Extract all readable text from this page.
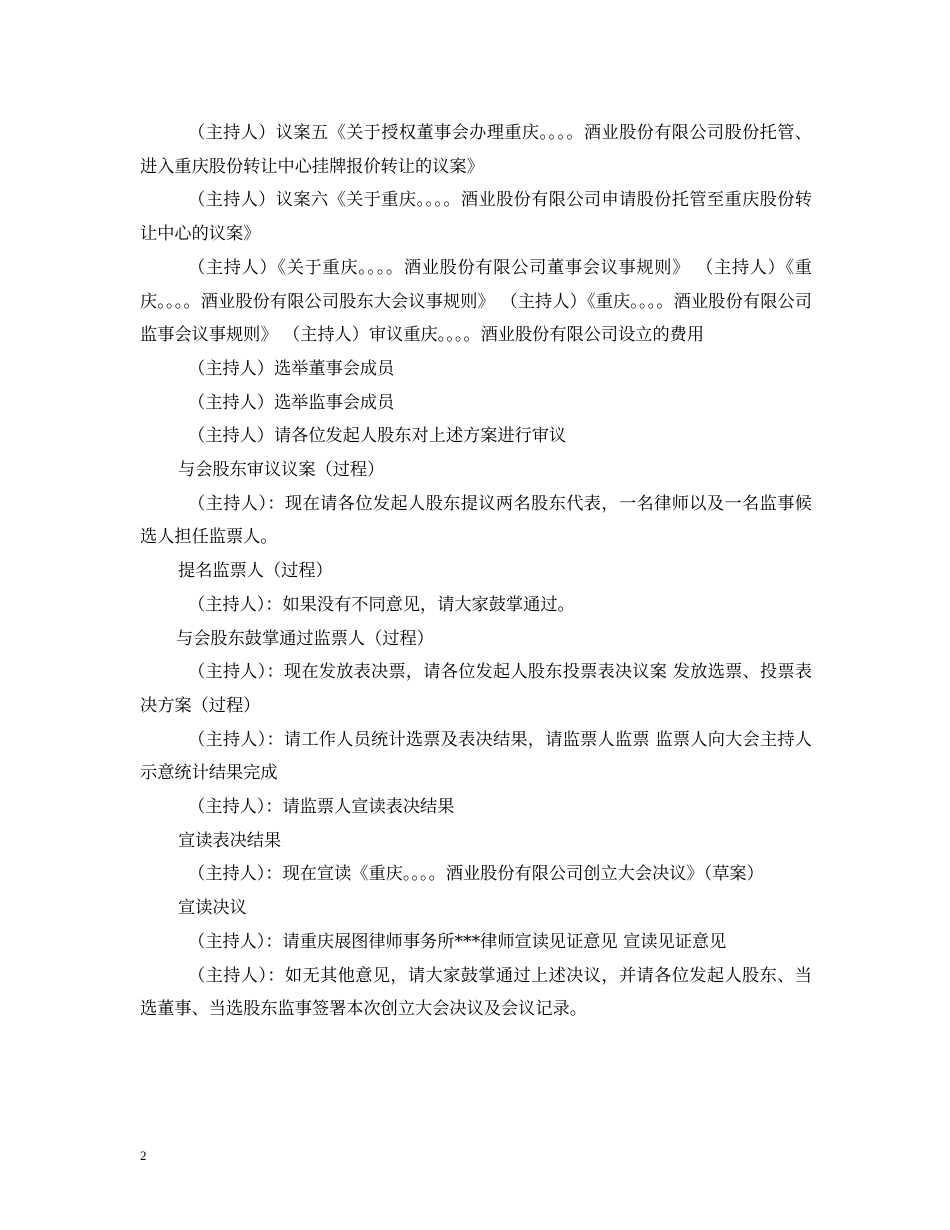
（主持人）议案五《关于授权董事会办理重庆。。。。酒业股份有限公司股份托管、进入重庆股份转让中心挂牌报价转让的议案》

（主持人）议案六《关于重庆。。。。酒业股份有限公司申请股份托管至重庆股份转让中心的议案》

（主持人）《关于重庆。。。。酒业股份有限公司董事会议事规则》 （主持人）《重庆。。。。酒业股份有限公司股东大会议事规则》 （主持人）《重庆。。。。酒业股份有限公司监事会议事规则》 （主持人）审议重庆。。。。酒业股份有限公司设立的费用

（主持人）选举董事会成员

（主持人）选举监事会成员

（主持人）请各位发起人股东对上述方案进行审议

与会股东审议议案（过程）

（主持人）：现在请各位发起人股东提议两名股东代表，一名律师以及一名监事候选人担任监票人。

提名监票人（过程）

（主持人）：如果没有不同意见，请大家鼓掌通过。

与会股东鼓掌通过监票人（过程）

（主持人）：现在发放表决票，请各位发起人股东投票表决议案 发放选票、投票表决方案（过程）

（主持人）：请工作人员统计选票及表决结果，请监票人监票 监票人向大会主持人示意统计结果完成

（主持人）：请监票人宣读表决结果

宣读表决结果

（主持人）：现在宣读《重庆。。。。酒业股份有限公司创立大会决议》（草案）

宣读决议

（主持人）：请重庆展图律师事务所***律师宣读见证意见 宣读见证意见

（主持人）：如无其他意见，请大家鼓掌通过上述决议，并请各位发起人股东、当选董事、当选股东监事签署本次创立大会决议及会议记录。

2
